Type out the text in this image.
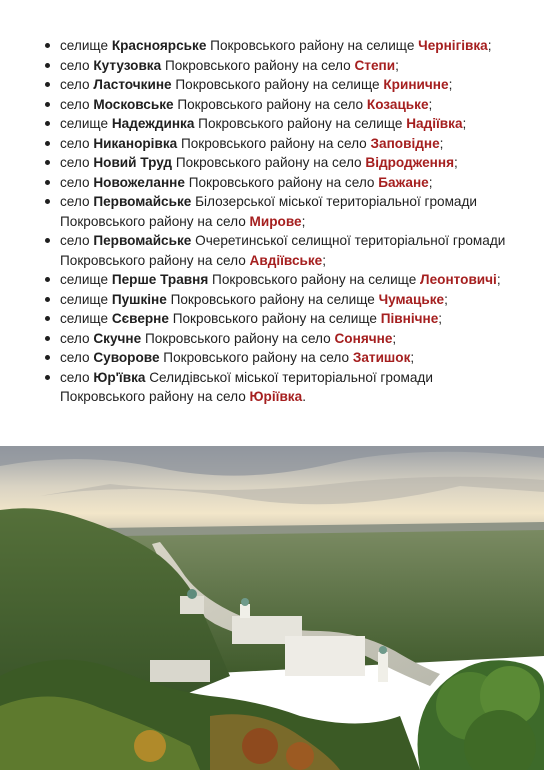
селище Красноярське Покровського району на селище Чернігівка;
село Кутузовка Покровського району на село Степи;
село Ласточкине Покровського району на селище Криничне;
село Московське Покровського району на село Козацьке;
селище Надеждинка Покровського району на селище Надіївка;
село Никанорівка Покровського району на село Заповідне;
село Новий Труд Покровського району на село Відродження;
село Новожеланне Покровського району на село Бажане;
село Первомайське Білозерської міської територіальної громади Покровського району на село Мирове;
село Первомайське Очеретинської селищної територіальної громади Покровського району на село Авдіївське;
селище Перше Травня Покровського району на селище Леонтовичі;
селище Пушкіне Покровського району на селище Чумацьке;
селище Сєверне Покровського району на селище Північне;
село Скучне Покровського району на село Сонячне;
село Суворове Покровського району на село Затишок;
село Юр'ївка Селидівської міської територіальної громади Покровського району на село Юріївка.
